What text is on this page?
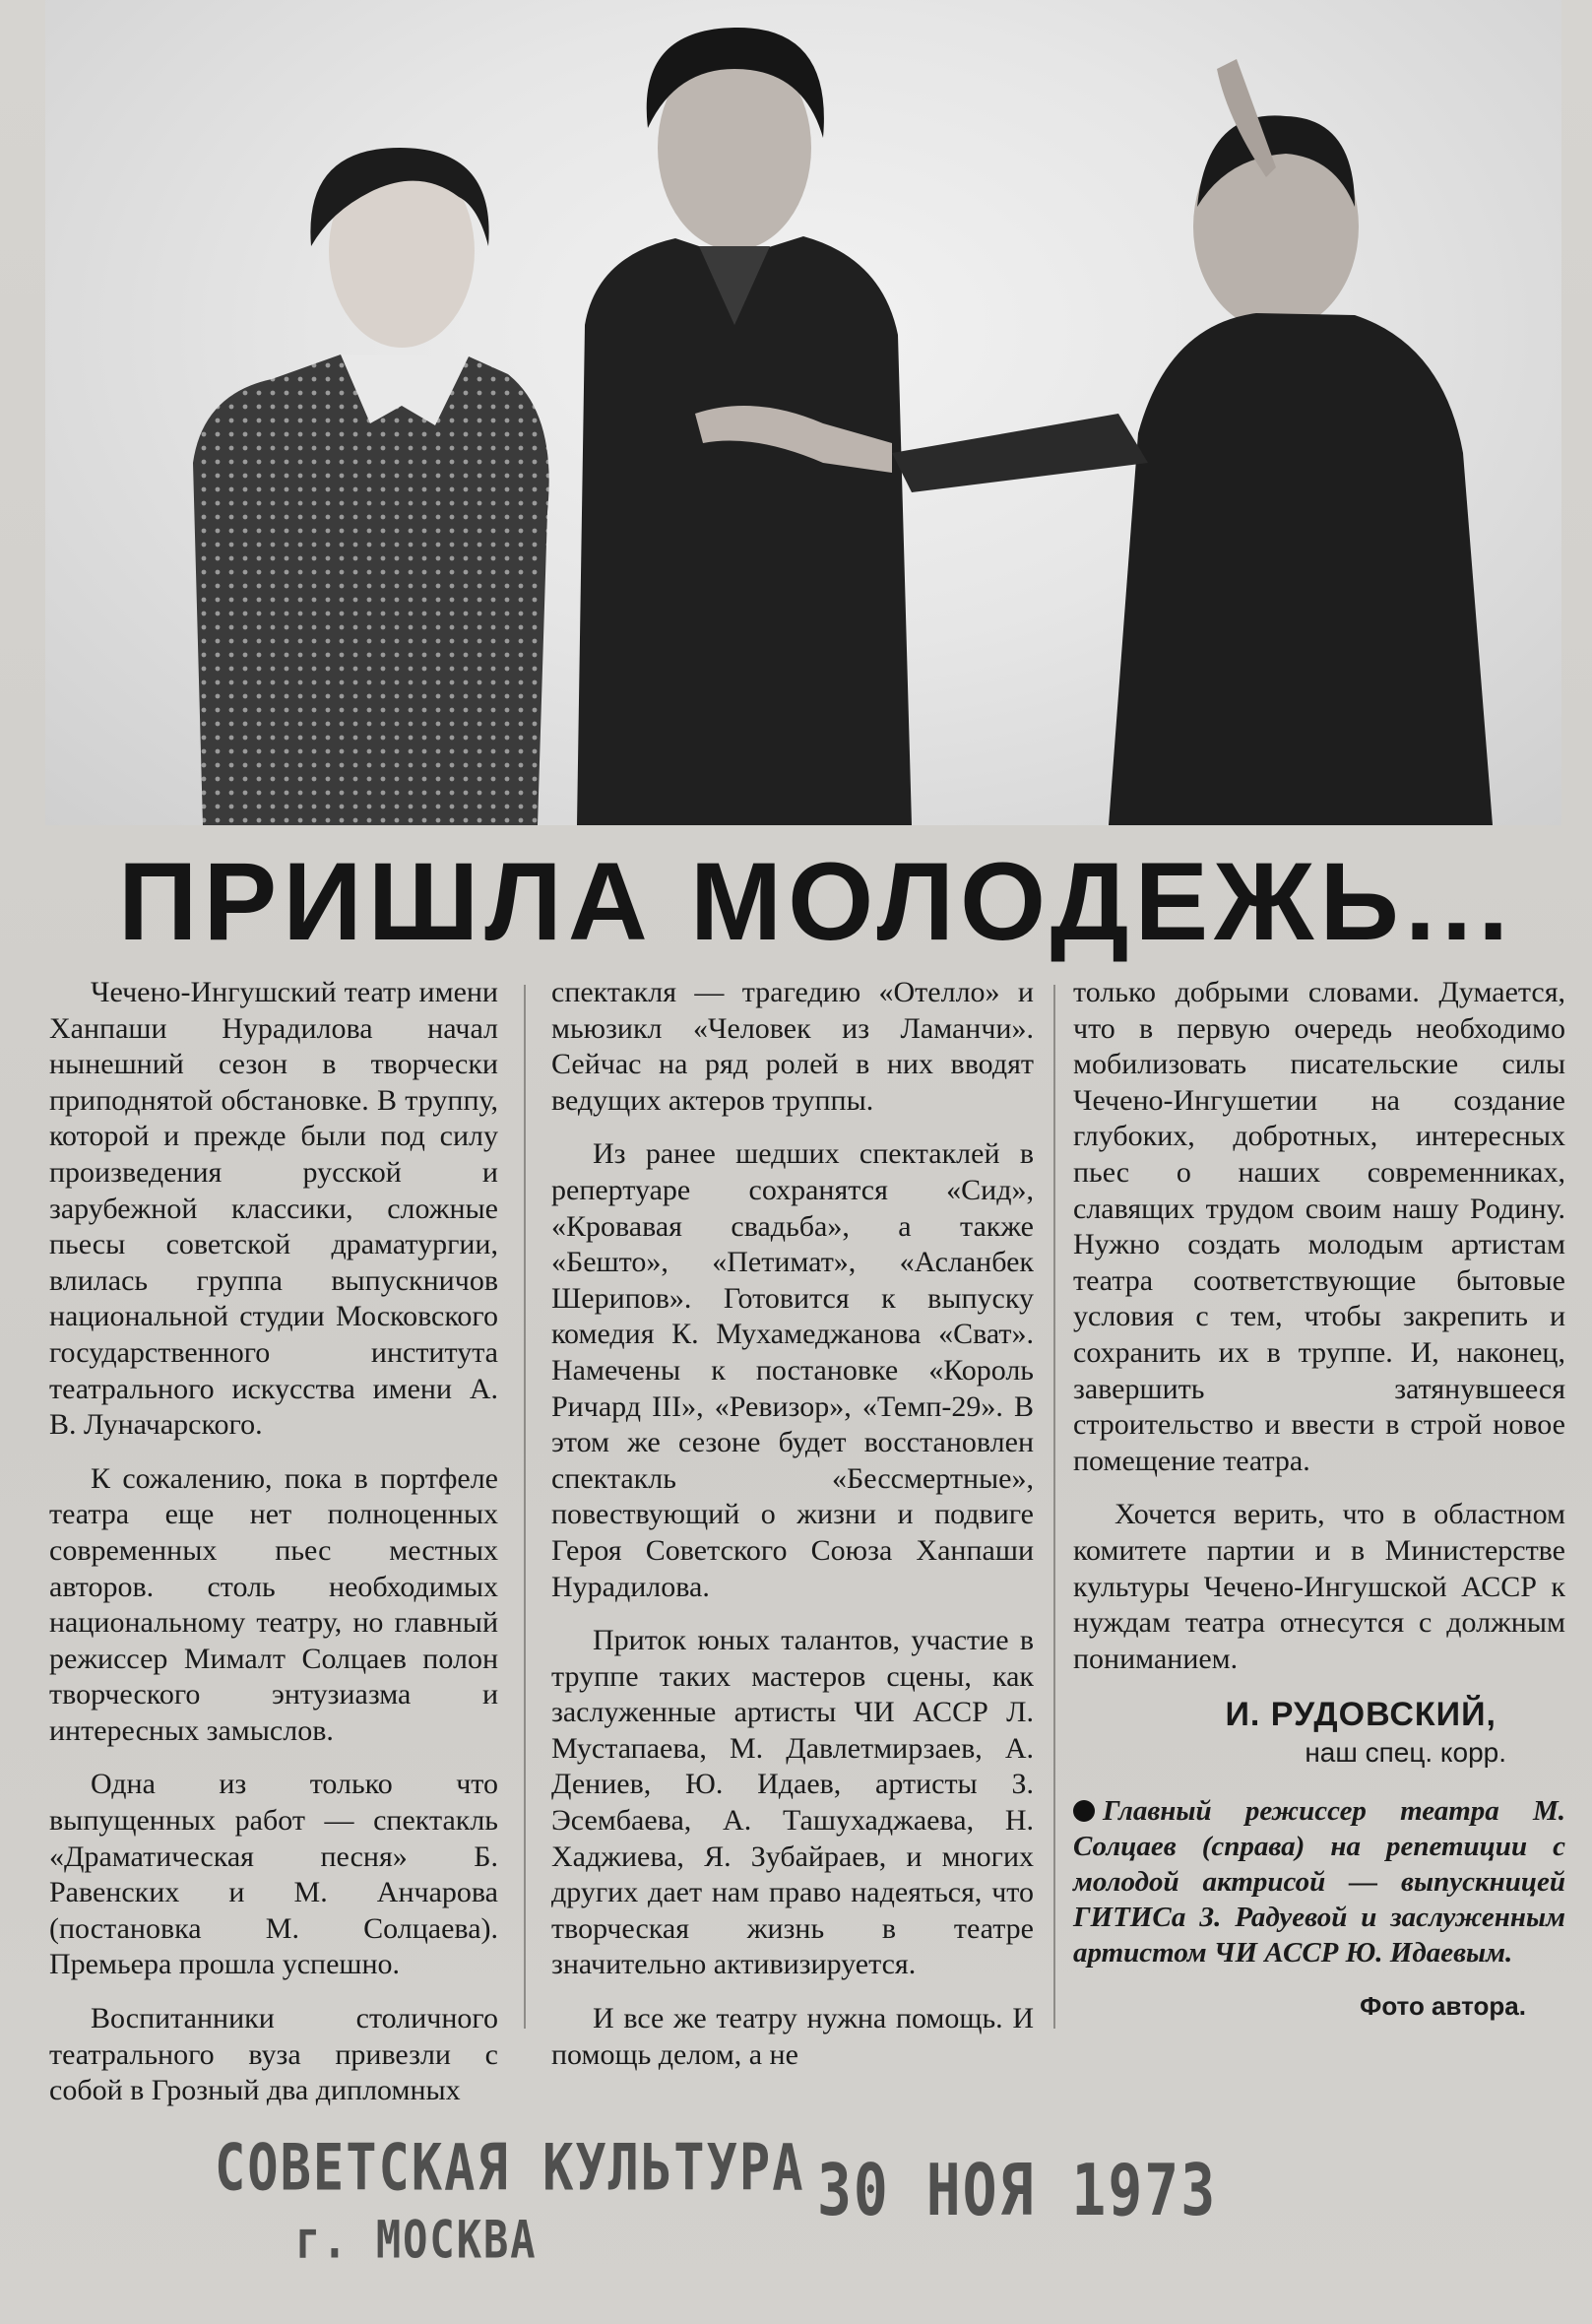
ПРИШЛА МОЛОДЕЖЬ...

Чечено-Ингушский театр имени Ханпаши Нурадилова начал нынешний сезон в творчески приподнятой обстановке. В труппу, которой и прежде были под силу произведения русской и зарубежной классики, сложные пьесы советской драматургии, влилась группа выпускничов национальной студии Московского государственного института театрального искусства имени А. В. Луначарского.

К сожалению, пока в портфеле театра еще нет полноценных современных пьес местных авторов. столь необходимых национальному театру, но главный режиссер Мималт Солцаев полон творческого энтузиазма и интересных замыслов.

Одна из только что выпущенных работ — спектакль «Драматическая песня» Б. Равенских и М. Анчарова (постановка М. Солцаева). Премьера прошла успешно.

Воспитанники столичного театрального вуза привезли с собой в Грозный два дипломных

спектакля — трагедию «Отелло» и мьюзикл «Человек из Ламанчи». Сейчас на ряд ролей в них вводят ведущих актеров труппы.

Из ранее шедших спектаклей в репертуаре сохранятся «Сид», «Кровавая свадьба», а также «Бешто», «Петимат», «Асланбек Шерипов». Готовится к выпуску комедия К. Мухамеджанова «Сват». Намечены к постановке «Король Ричард III», «Ревизор», «Темп-29». В этом же сезоне будет восстановлен спектакль «Бессмертные», повествующий о жизни и подвиге Героя Советского Союза Ханпаши Нурадилова.

Приток юных талантов, участие в труппе таких мастеров сцены, как заслуженные артисты ЧИ АССР Л. Мустапаева, М. Давлетмирзаев, А. Дениев, Ю. Идаев, артисты З. Эсембаева, А. Ташухаджаева, Н. Хаджиева, Я. Зубайраев, и многих других дает нам право надеяться, что творческая жизнь в театре значительно активизируется.

И все же театру нужна помощь. И помощь делом, а не

только добрыми словами. Думается, что в первую очередь необходимо мобилизовать писательские силы Чечено-Ингушетии на создание глубоких, добротных, интересных пьес о наших современниках, славящих трудом своим нашу Родину. Нужно создать молодым артистам театра соответствующие бытовые условия с тем, чтобы закрепить и сохранить их в труппе. И, наконец, завершить затянувшееся строительство и ввести в строй новое помещение театра.

Хочется верить, что в областном комитете партии и в Министерстве культуры Чечено-Ингушской АССР к нуждам театра отнесутся с должным пониманием.

И. РУДОВСКИЙ,
наш спец. корр.
Главный режиссер театра М. Солцаев (справа) на репетиции с молодой актрисой — выпускницей ГИТИСа З. Радуевой и заслуженным артистом ЧИ АССР Ю. Идаевым.
Фото автора.
СОВЕТСКАЯ КУЛЬТУРА
г. МОСКВА
30 НОЯ 1973
